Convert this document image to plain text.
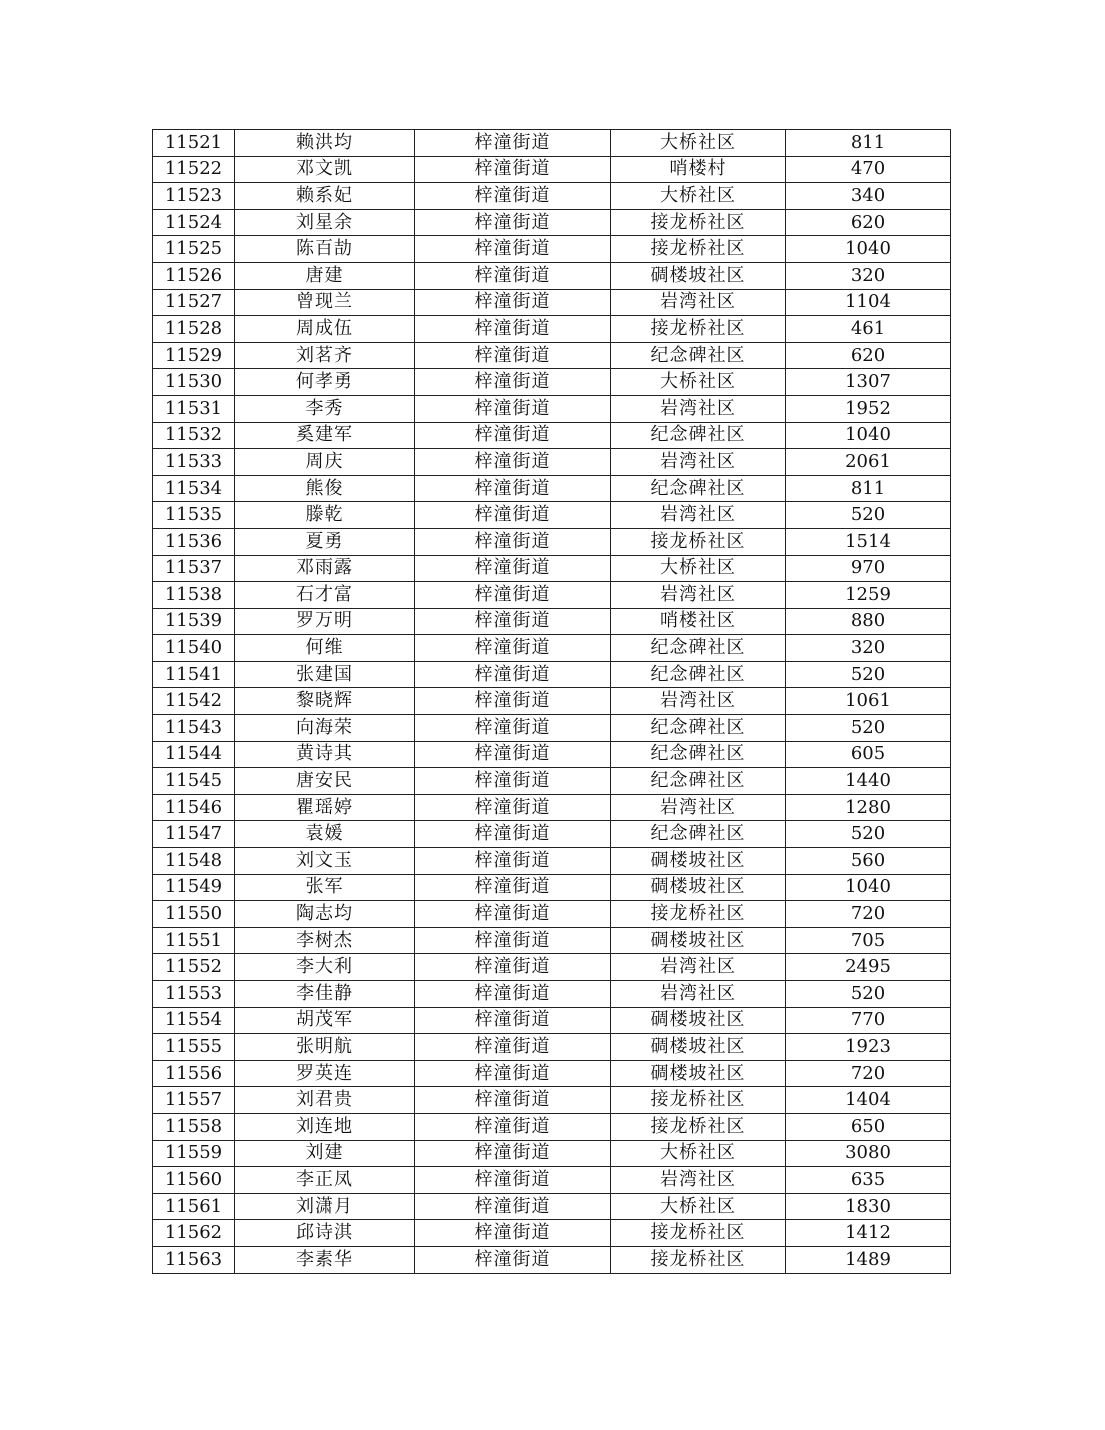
11521	赖洪均	梓潼街道	大桥社区	811
11522	邓文凯	梓潼街道	哨楼村	470
11523	赖系妃	梓潼街道	大桥社区	340
11524	刘星余	梓潼街道	接龙桥社区	620
11525	陈百劼	梓潼街道	接龙桥社区	1040
11526	唐建	梓潼街道	碉楼坡社区	320
11527	曾现兰	梓潼街道	岩湾社区	1104
11528	周成伍	梓潼街道	接龙桥社区	461
11529	刘茗齐	梓潼街道	纪念碑社区	620
11530	何孝勇	梓潼街道	大桥社区	1307
11531	李秀	梓潼街道	岩湾社区	1952
11532	奚建军	梓潼街道	纪念碑社区	1040
11533	周庆	梓潼街道	岩湾社区	2061
11534	熊俊	梓潼街道	纪念碑社区	811
11535	滕乾	梓潼街道	岩湾社区	520
11536	夏勇	梓潼街道	接龙桥社区	1514
11537	邓雨露	梓潼街道	大桥社区	970
11538	石才富	梓潼街道	岩湾社区	1259
11539	罗万明	梓潼街道	哨楼社区	880
11540	何维	梓潼街道	纪念碑社区	320
11541	张建国	梓潼街道	纪念碑社区	520
11542	黎晓辉	梓潼街道	岩湾社区	1061
11543	向海荣	梓潼街道	纪念碑社区	520
11544	黄诗其	梓潼街道	纪念碑社区	605
11545	唐安民	梓潼街道	纪念碑社区	1440
11546	瞿瑶婷	梓潼街道	岩湾社区	1280
11547	袁媛	梓潼街道	纪念碑社区	520
11548	刘文玉	梓潼街道	碉楼坡社区	560
11549	张军	梓潼街道	碉楼坡社区	1040
11550	陶志均	梓潼街道	接龙桥社区	720
11551	李树杰	梓潼街道	碉楼坡社区	705
11552	李大利	梓潼街道	岩湾社区	2495
11553	李佳静	梓潼街道	岩湾社区	520
11554	胡茂军	梓潼街道	碉楼坡社区	770
11555	张明航	梓潼街道	碉楼坡社区	1923
11556	罗英连	梓潼街道	碉楼坡社区	720
11557	刘君贵	梓潼街道	接龙桥社区	1404
11558	刘连地	梓潼街道	接龙桥社区	650
11559	刘建	梓潼街道	大桥社区	3080
11560	李正凤	梓潼街道	岩湾社区	635
11561	刘潇月	梓潼街道	大桥社区	1830
11562	邱诗淇	梓潼街道	接龙桥社区	1412
11563	李素华	梓潼街道	接龙桥社区	1489
